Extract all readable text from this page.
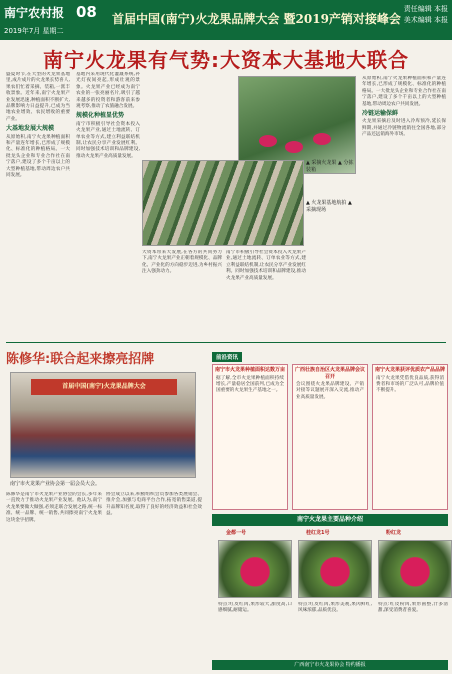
南宁农村报 08
2019年7月 星期二
首届中国(南宁)火龙果品牌大会 暨2019产销对接峰会
责任编辑 本报
美术编辑 本报
南宁火龙果有气势:大资本大基地大联合

盛夏时节,在大型的火龙果基地里,成片成片的火龙果长势喜人,果农们忙着采摘、装箱,一派丰收景象。近年来,南宁火龙果产业发展迅速,种植面积不断扩大,品牌影响力日益提升,已成为当地农业增效、农民增收的重要产业。

大基地发展大规模

从原始积,南宁火龙果种植面积和产量连年增长,已形成了规模化、标准化的种植格局。一大批龙头企业和专业合作社在南宁落户,建设了多个千亩以上的大型种植基地,带动周边农户共同发展。

基地内采用现代化灌溉系统,补光灯夜间亮起,形成壮观的景象。火龙果产业已经成为南宁农业的一张亮丽名片,吸引了越来越多的投资者和游客前来参观考察,推动了农旅融合发展。

规模化种植显优势

南宁市积极引导社会资本投入火龙果产业,通过土地流转、订单农业等方式,建立利益联结机制,让农民分享产业发展红利。同时加强技术培训和品牌建设,推动火龙果产业高质量发展。

大资本带来大发展,在各方的共同努力下,南宁火龙果产业正朝着规模化、品牌化、产业化的方向稳步迈进,为乡村振兴注入强劲动力。

南宁市积极引导社会资本投入火龙果产业,通过土地流转、订单农业等方式,建立利益联结机制,让农民分享产业发展红利。同时加强技术培训和品牌建设,推动火龙果产业高质量发展。

从原始积,南宁火龙果种植面积和产量连年增长,已形成了规模化、标准化的种植格局。一大批龙头企业和专业合作社在南宁落户,建设了多个千亩以上的大型种植基地,带动周边农户共同发展。

冷链运输保鲜

火龙果采摘后及时进入冷库预冷,延长保鲜期,并通过冷链物流销往全国各地,部分产品还远销海外市场。

▲ 采摘火龙果 ▲ 分拣装箱
▲ 火龙果基地航拍 ▲ 采摘现场
陈修华:联合起来擦亮招牌
首届中国(南宁)火龙果品牌大会
南宁市火龙果产业协会第一届会员大会。

陈修华是南宁市火龙果产业协会的会长,多年来一直致力于推动火龙果产业发展。他认为,南宁火龙果要做大做强,必须走联合发展之路,统一标准、统一品牌、统一销售,共同擦亮南宁火龙果这块金字招牌。

协会成立以来,积极组织会员参加各类展销会、推介会,加强与电商平台合作,拓宽销售渠道,提升品牌知名度,取得了良好的经济效益和社会效益。

前沿资讯
南宁市火龙果种植面积达数万亩
据了解,全市火龙果种植面积持续增长,产量稳居全国前列,已成为全国重要的火龙果生产基地之一。
广西壮族自治区火龙果品牌会议召开
会议围绕火龙果品牌建设、产销对接等议题展开深入交流,推动产业高质量发展。
南宁火龙果获评优质农产品品牌
南宁火龙果凭借优良品质,获得消费者和市场的广泛认可,品牌价值不断提升。
南宁火龙果主要品种介绍
金都一号	桂红龙1号	粉红龙
特点:红皮红肉,果形较大,甜度高,口感细腻,耐储运。
特点:红皮红肉,果形美观,果肉鲜红,风味浓郁,品质优良。
特点:红皮粉肉,果形圆整,汁多清甜,深受消费者喜爱。
广西南宁市火龙果协会 特约播报
